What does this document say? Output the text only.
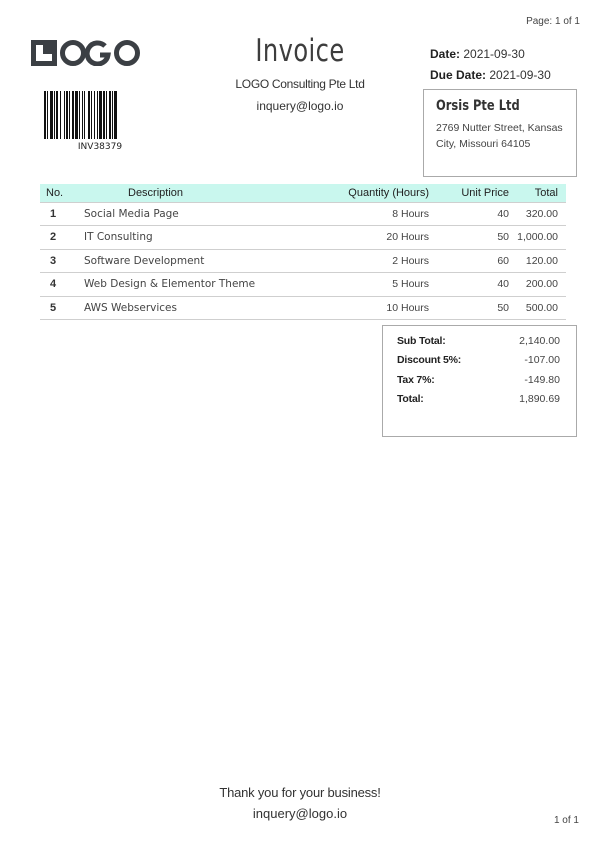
Page: 1 of 1
INV38379
Invoice
LOGO Consulting Pte Ltd
inquery@logo.io
Date: 2021-09-30
Due Date: 2021-09-30
Orsis Pte Ltd
2769 Nutter Street, Kansas
City, Missouri 64105
No.	Description	Quantity (Hours)	Unit Price	Total
1	Social Media Page	8 Hours	40	320.00
2	IT Consulting	20 Hours	50	1,000.00
3	Software Development	2 Hours	60	120.00
4	Web Design & Elementor Theme	5 Hours	40	200.00
5	AWS Webservices	10 Hours	50	500.00
Sub Total:	2,140.00
Discount 5%:	-107.00
Tax 7%:	-149.80
Total:	1,890.69
Thank you for your business!
inquery@logo.io	1 of 1
